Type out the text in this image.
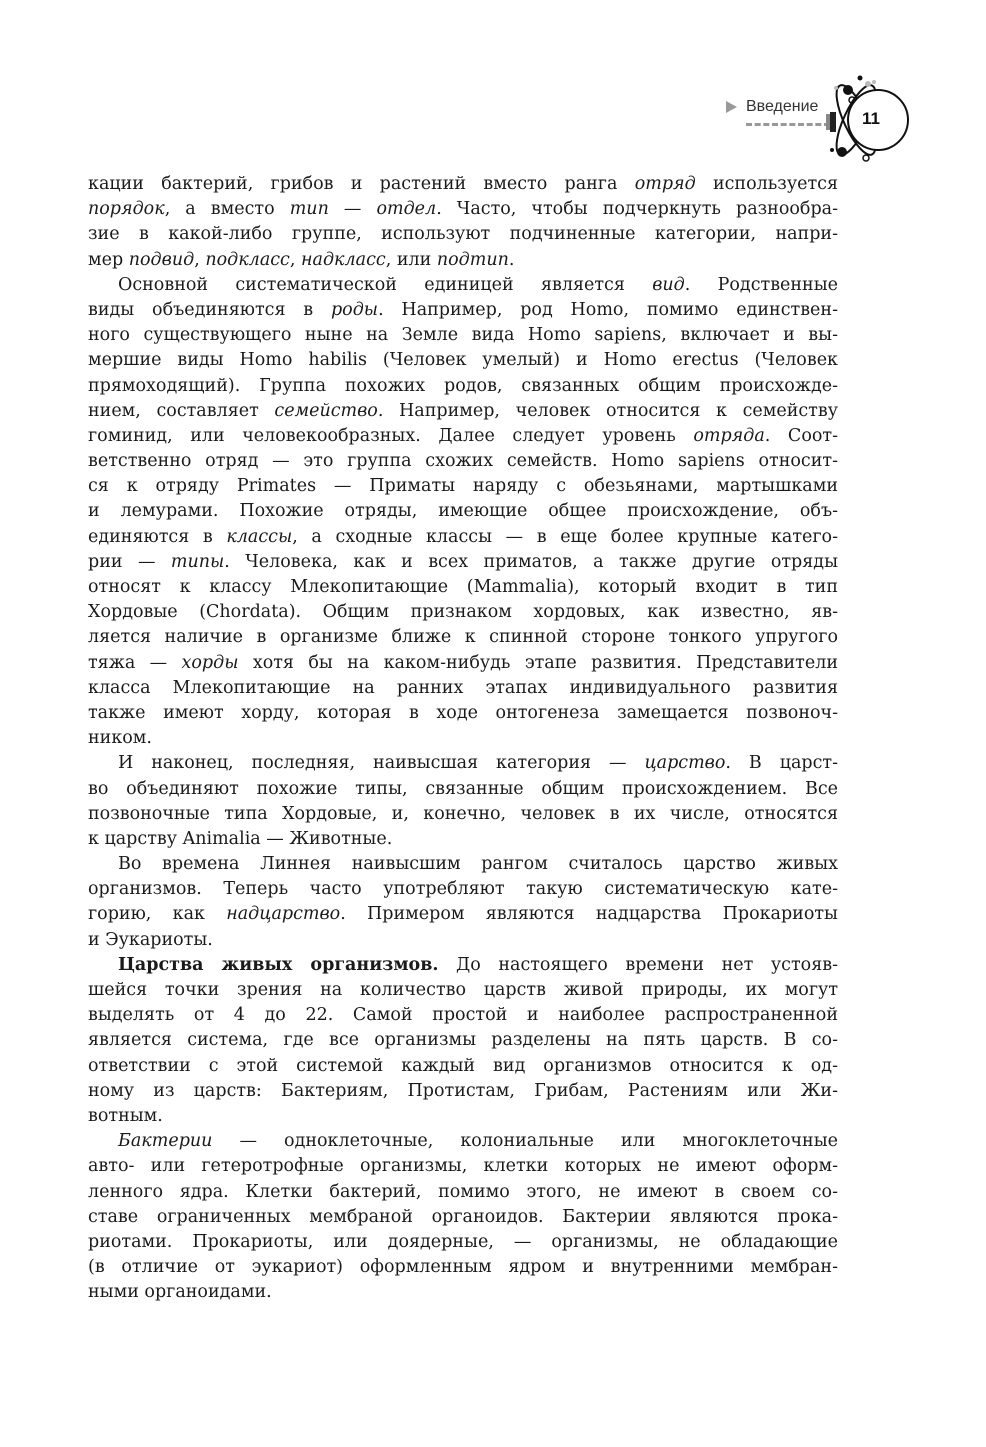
Введение
11
кации бактерий, грибов и растений вместо ранга отряд используется
порядок, а вместо тип — отдел. Часто, чтобы подчеркнуть разнообра-
зие в какой-либо группе, используют подчиненные категории, напри-
мер подвид, подкласс, надкласс, или подтип.
Основной систематической единицей является вид. Родственные
виды объединяются в роды. Например, род Homo, помимо единствен-
ного существующего ныне на Земле вида Homo sapiens, включает и вы-
мершие виды Homo habilis (Человек умелый) и Homo erectus (Человек
прямоходящий). Группа похожих родов, связанных общим происхожде-
нием, составляет семейство. Например, человек относится к семейству
гоминид, или человекообразных. Далее следует уровень отряда. Соот-
ветственно отряд — это группа схожих семейств. Homo sapiens относит-
ся к отряду Primates — Приматы наряду с обезьянами, мартышками
и лемурами. Похожие отряды, имеющие общее происхождение, объ-
единяются в классы, а сходные классы — в еще более крупные катего-
рии — типы. Человека, как и всех приматов, а также другие отряды
относят к классу Млекопитающие (Mammalia), который входит в тип
Хордовые (Chordata). Общим признаком хордовых, как известно, яв-
ляется наличие в организме ближе к спинной стороне тонкого упругого
тяжа — хорды хотя бы на каком-нибудь этапе развития. Представители
класса Млекопитающие на ранних этапах индивидуального развития
также имеют хорду, которая в ходе онтогенеза замещается позвоноч-
ником.
И наконец, последняя, наивысшая категория — царство. В царст-
во объединяют похожие типы, связанные общим происхождением. Все
позвоночные типа Хордовые, и, конечно, человек в их числе, относятся
к царству Animalia — Животные.
Во времена Линнея наивысшим рангом считалось царство живых
организмов. Теперь часто употребляют такую систематическую кате-
горию, как надцарство. Примером являются надцарства Прокариоты
и Эукариоты.
Царства живых организмов. До настоящего времени нет устояв-
шейся точки зрения на количество царств живой природы, их могут
выделять от 4 до 22. Самой простой и наиболее распространенной
является система, где все организмы разделены на пять царств. В со-
ответствии с этой системой каждый вид организмов относится к од-
ному из царств: Бактериям, Протистам, Грибам, Растениям или Жи-
вотным.
Бактерии — одноклеточные, колониальные или многоклеточные
авто- или гетеротрофные организмы, клетки которых не имеют оформ-
ленного ядра. Клетки бактерий, помимо этого, не имеют в своем со-
ставе ограниченных мембраной органоидов. Бактерии являются прока-
риотами. Прокариоты, или доядерные, — организмы, не обладающие
(в отличие от эукариот) оформленным ядром и внутренними мембран-
ными органоидами.
